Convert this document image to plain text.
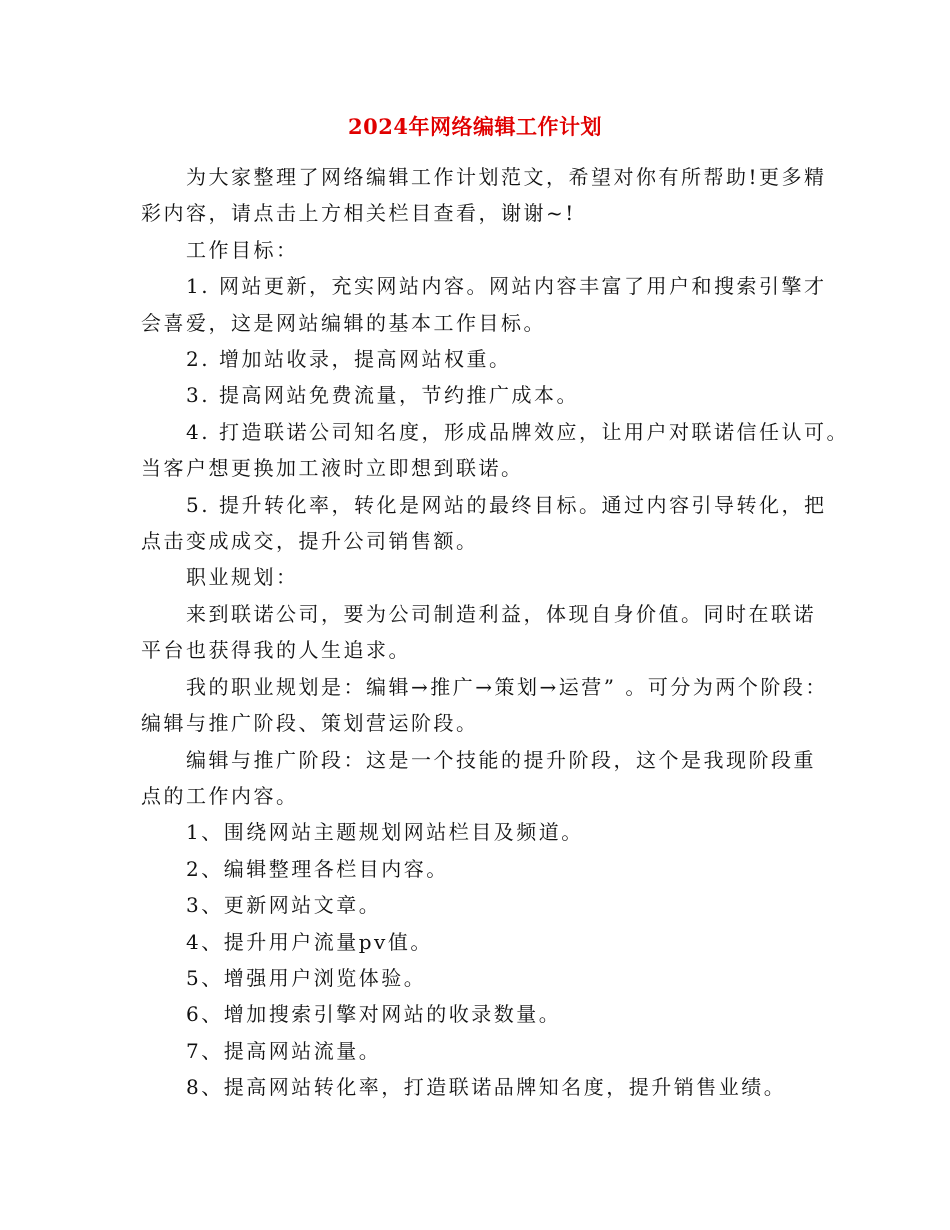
2024年网络编辑工作计划

为大家整理了网络编辑工作计划范文，希望对你有所帮助!更多精
彩内容，请点击上方相关栏目查看，谢谢~!

工作目标：

1. 网站更新，充实网站内容。网站内容丰富了用户和搜索引擎才
会喜爱，这是网站编辑的基本工作目标。

2. 增加站收录，提高网站权重。

3. 提高网站免费流量，节约推广成本。

4. 打造联诺公司知名度，形成品牌效应，让用户对联诺信任认可。
当客户想更换加工液时立即想到联诺。

5. 提升转化率，转化是网站的最终目标。通过内容引导转化，把
点击变成成交，提升公司销售额。

职业规划：

来到联诺公司，要为公司制造利益，体现自身价值。同时在联诺
平台也获得我的人生追求。

我的职业规划是：编辑→推广→策划→运营” 。可分为两个阶段：
编辑与推广阶段、策划营运阶段。

编辑与推广阶段：这是一个技能的提升阶段，这个是我现阶段重
点的工作内容。

1、围绕网站主题规划网站栏目及频道。

2、编辑整理各栏目内容。

3、更新网站文章。

4、提升用户流量pv值。

5、增强用户浏览体验。

6、增加搜索引擎对网站的收录数量。

7、提高网站流量。

8、提高网站转化率，打造联诺品牌知名度，提升销售业绩。
